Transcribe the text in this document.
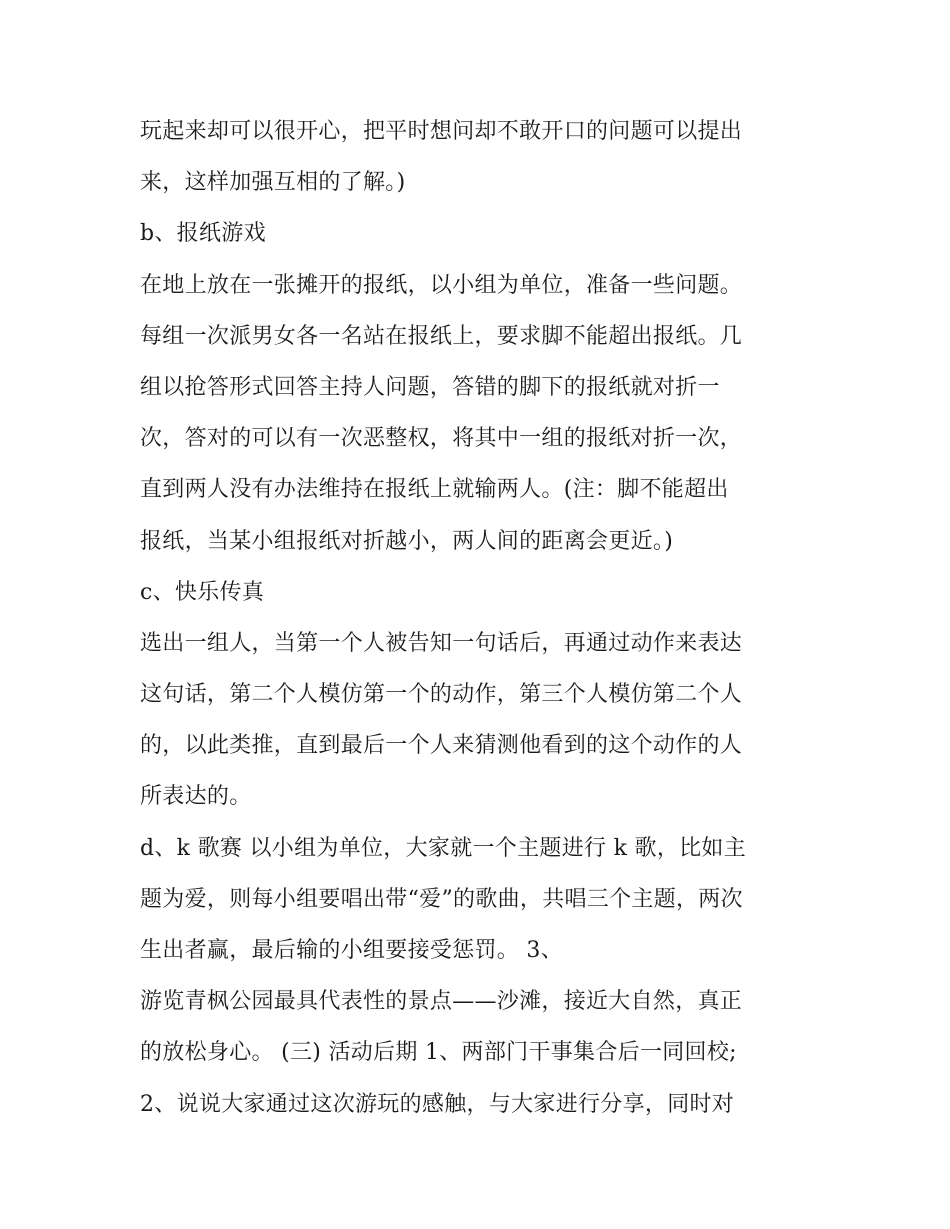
玩起来却可以很开心，把平时想问却不敢开口的问题可以提出
来，这样加强互相的了解。)
b、报纸游戏
在地上放在一张摊开的报纸，以小组为单位，准备一些问题。
每组一次派男女各一名站在报纸上，要求脚不能超出报纸。几
组以抢答形式回答主持人问题，答错的脚下的报纸就对折一
次，答对的可以有一次恶整权，将其中一组的报纸对折一次，
直到两人没有办法维持在报纸上就输两人。(注：脚不能超出
报纸，当某小组报纸对折越小，两人间的距离会更近。)
c、快乐传真
选出一组人，当第一个人被告知一句话后，再通过动作来表达
这句话，第二个人模仿第一个的动作，第三个人模仿第二个人
的，以此类推，直到最后一个人来猜测他看到的这个动作的人
所表达的。
d、k 歌赛 以小组为单位，大家就一个主题进行 k 歌，比如主
题为爱，则每小组要唱出带“爱”的歌曲，共唱三个主题，两次
生出者赢，最后输的小组要接受惩罚。 3、
游览青枫公园最具代表性的景点——沙滩，接近大自然，真正
的放松身心。 (三) 活动后期 1、两部门干事集合后一同回校;
2、说说大家通过这次游玩的感触，与大家进行分享，同时对
